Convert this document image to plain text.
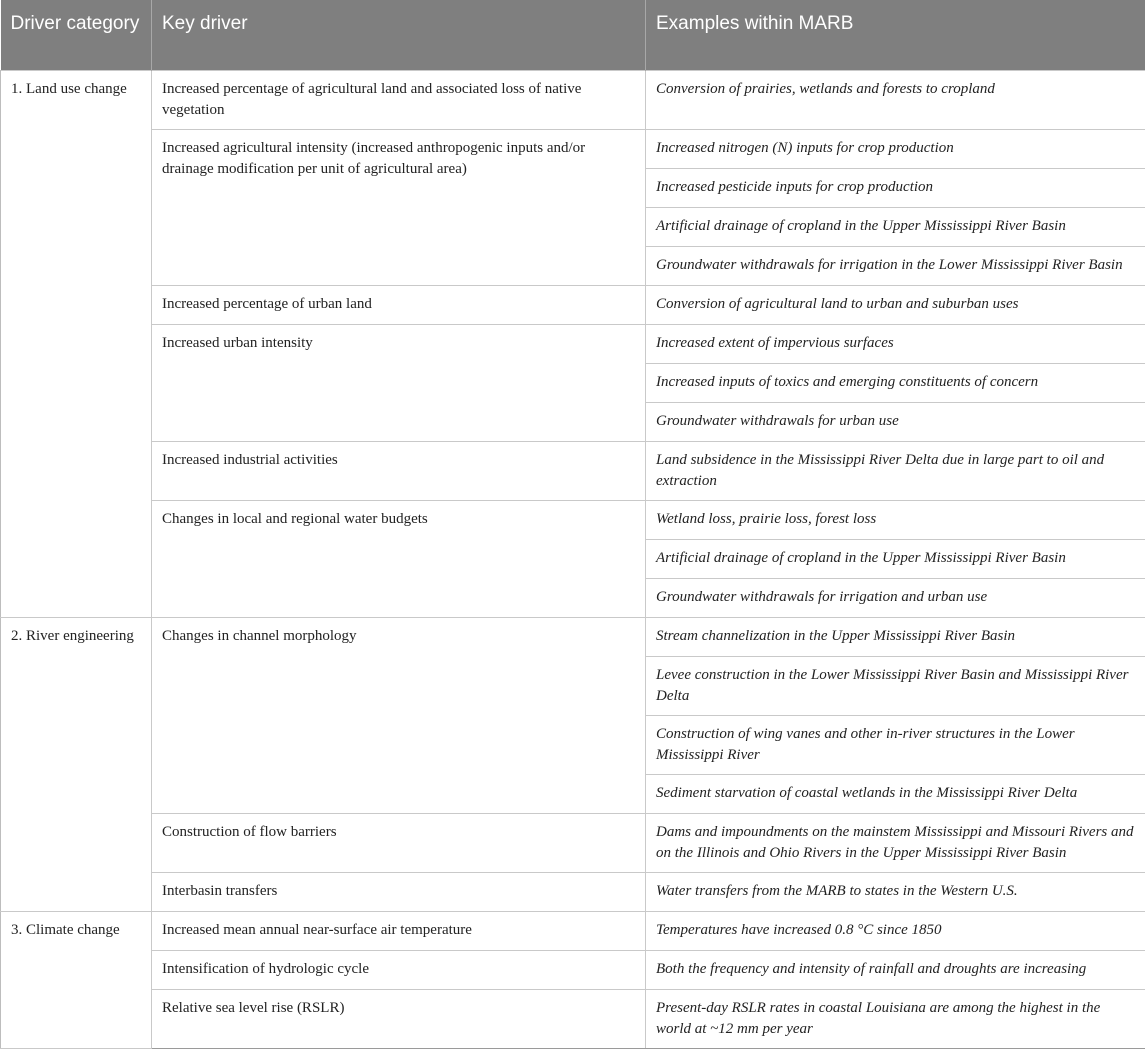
Driver category	Key driver	Examples within MARB
1. Land use change	Increased percentage of agricultural land and associated loss of native vegetation	Conversion of prairies, wetlands and forests to cropland
	Increased agricultural intensity (increased anthropogenic inputs and/or drainage modification per unit of agricultural area)	Increased nitrogen (N) inputs for crop production
		Increased pesticide inputs for crop production
		Artificial drainage of cropland in the Upper Mississippi River Basin
		Groundwater withdrawals for irrigation in the Lower Mississippi River Basin
	Increased percentage of urban land	Conversion of agricultural land to urban and suburban uses
	Increased urban intensity	Increased extent of impervious surfaces
		Increased inputs of toxics and emerging constituents of concern
		Groundwater withdrawals for urban use
	Increased industrial activities	Land subsidence in the Mississippi River Delta due in large part to oil and extraction
	Changes in local and regional water budgets	Wetland loss, prairie loss, forest loss
		Artificial drainage of cropland in the Upper Mississippi River Basin
		Groundwater withdrawals for irrigation and urban use
2. River engineering	Changes in channel morphology	Stream channelization in the Upper Mississippi River Basin
		Levee construction in the Lower Mississippi River Basin and Mississippi River Delta
		Construction of wing vanes and other in-river structures in the Lower Mississippi River
		Sediment starvation of coastal wetlands in the Mississippi River Delta
	Construction of flow barriers	Dams and impoundments on the mainstem Mississippi and Missouri Rivers and on the Illinois and Ohio Rivers in the Upper Mississippi River Basin
	Interbasin transfers	Water transfers from the MARB to states in the Western U.S.
3. Climate change	Increased mean annual near-surface air temperature	Temperatures have increased 0.8 °C since 1850
	Intensification of hydrologic cycle	Both the frequency and intensity of rainfall and droughts are increasing
	Relative sea level rise (RSLR)	Present-day RSLR rates in coastal Louisiana are among the highest in the world at ~12 mm per year
